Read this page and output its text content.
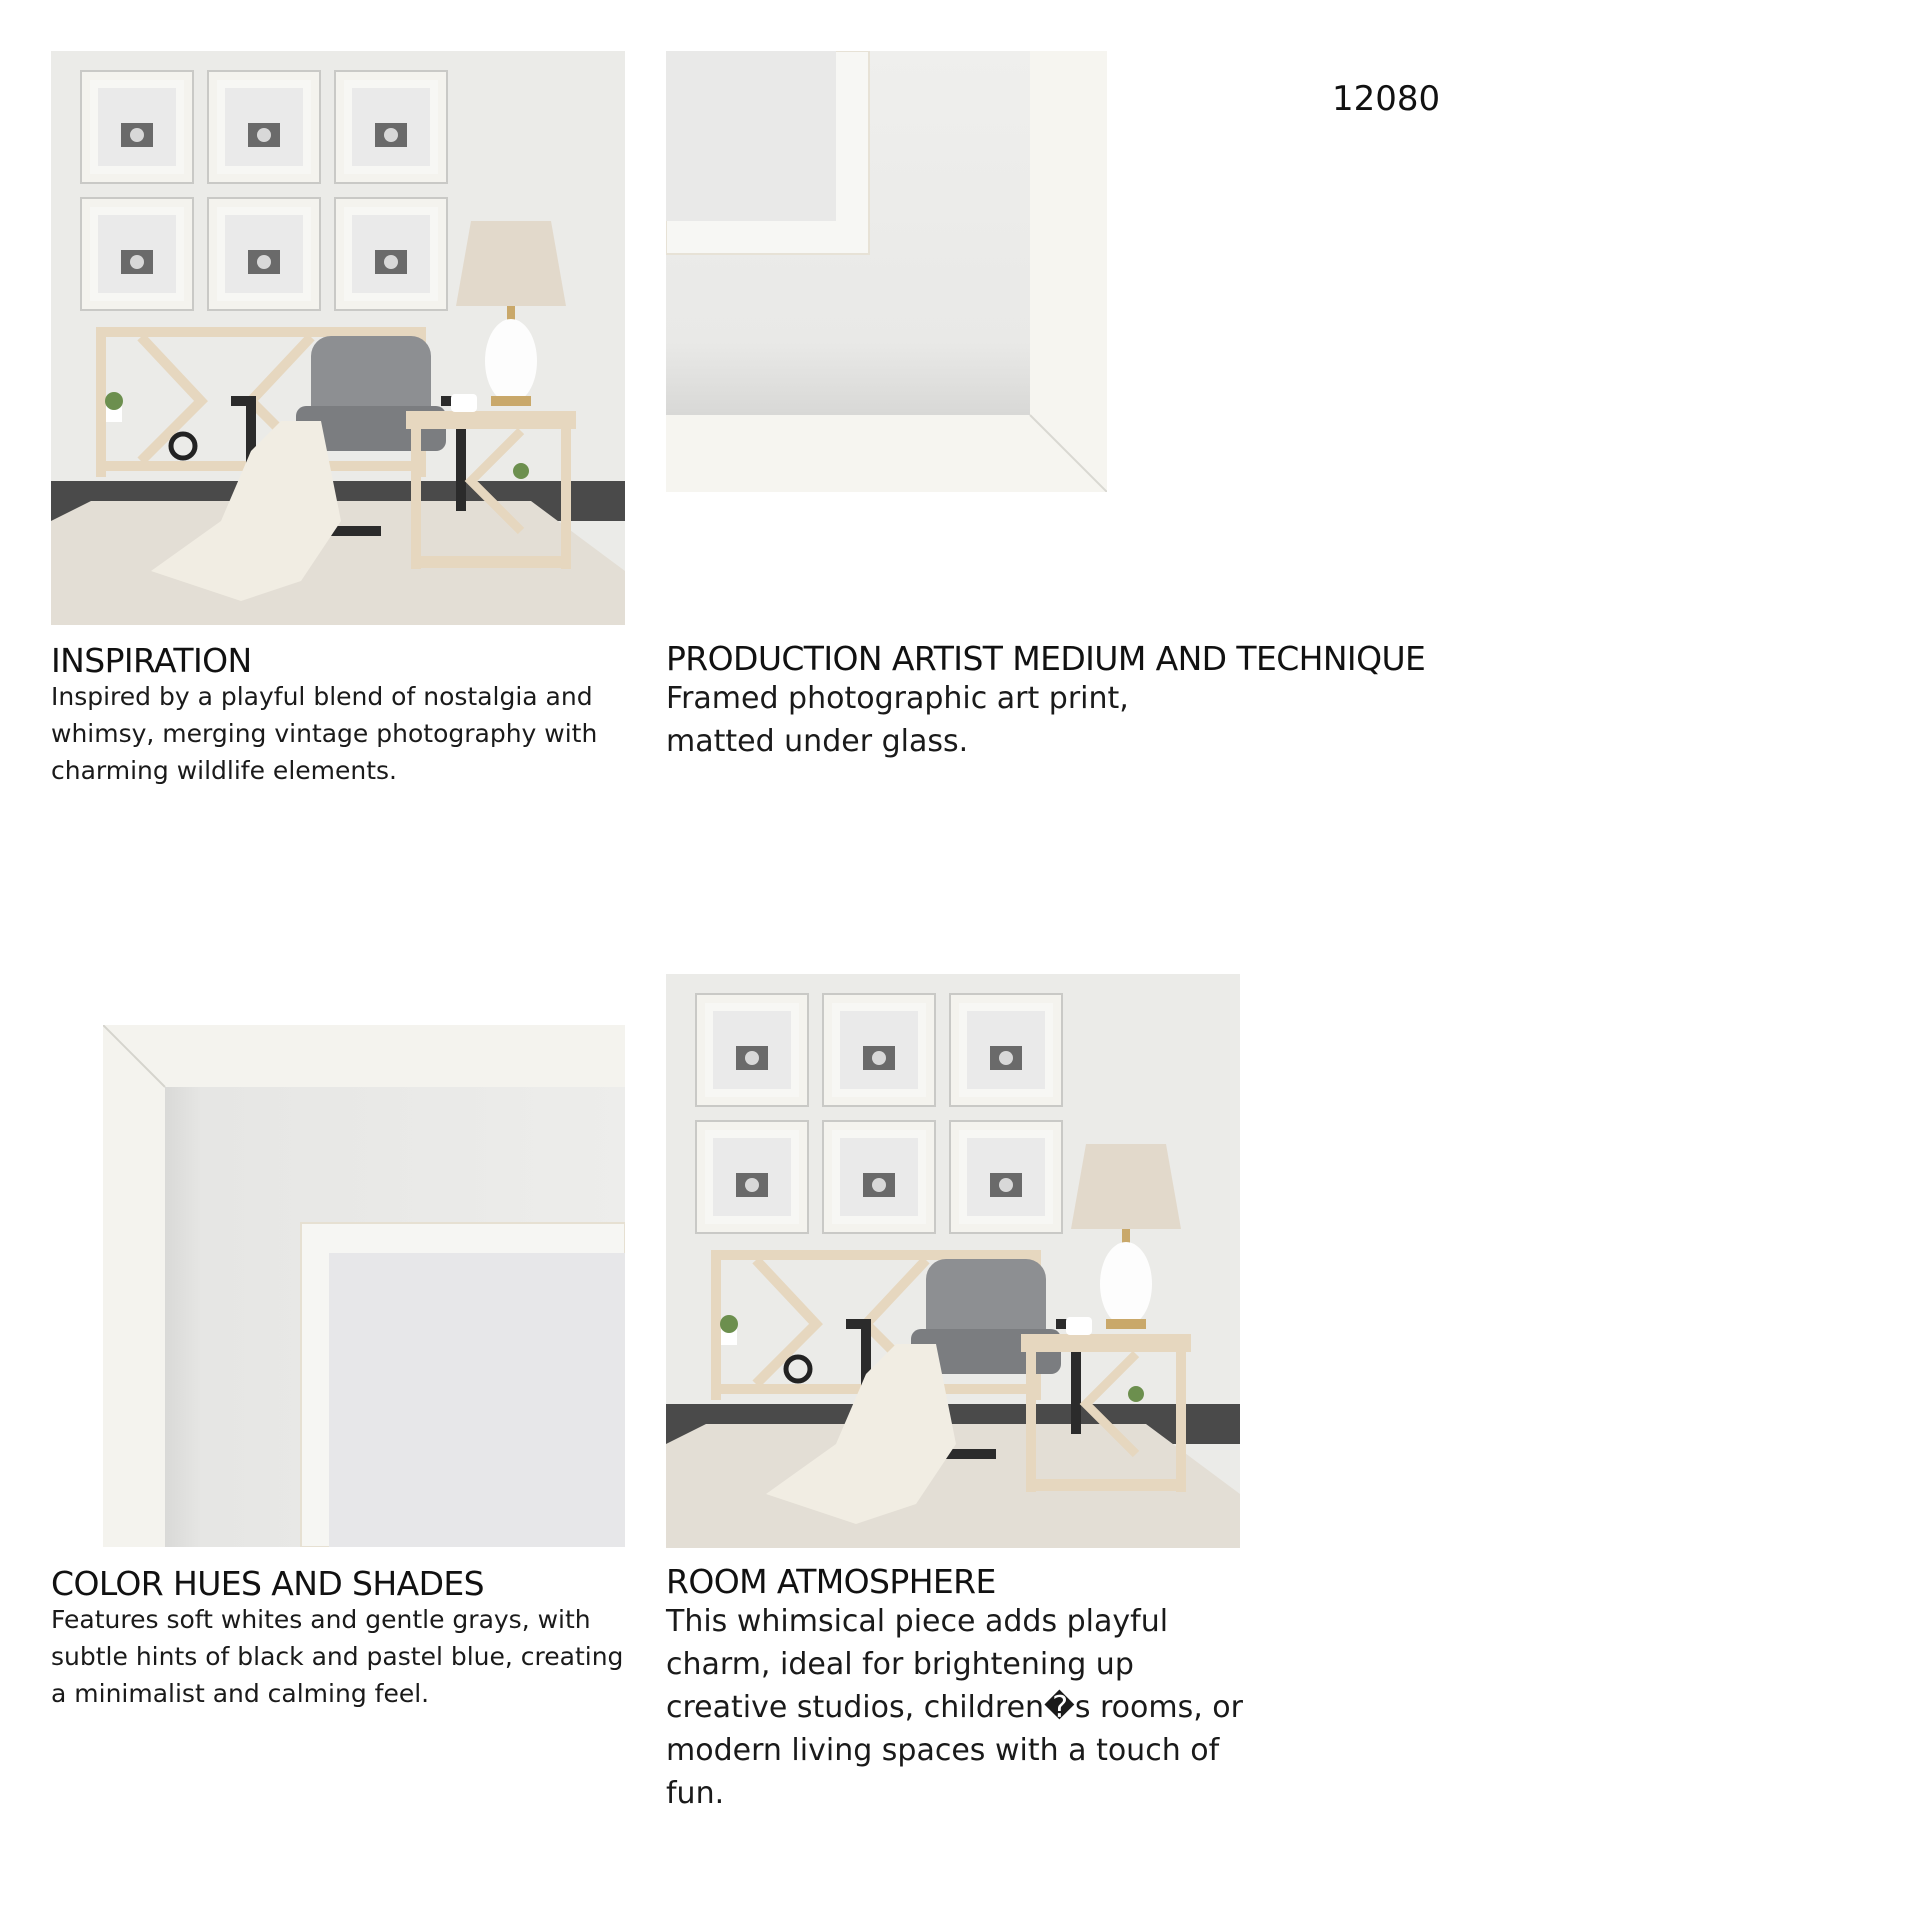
12080
INSPIRATION
Inspired by a playful blend of nostalgia and whimsy, merging vintage photography with charming wildlife elements.
PRODUCTION ARTIST MEDIUM AND TECHNIQUE
Framed photographic art print, matted under glass.
COLOR HUES AND SHADES
Features soft whites and gentle grays, with subtle hints of black and pastel blue, creating a minimalist and calming feel.
ROOM ATMOSPHERE
This whimsical piece adds playful charm, ideal for brightening up creative studios, children�s rooms, or modern living spaces with a touch of fun.
